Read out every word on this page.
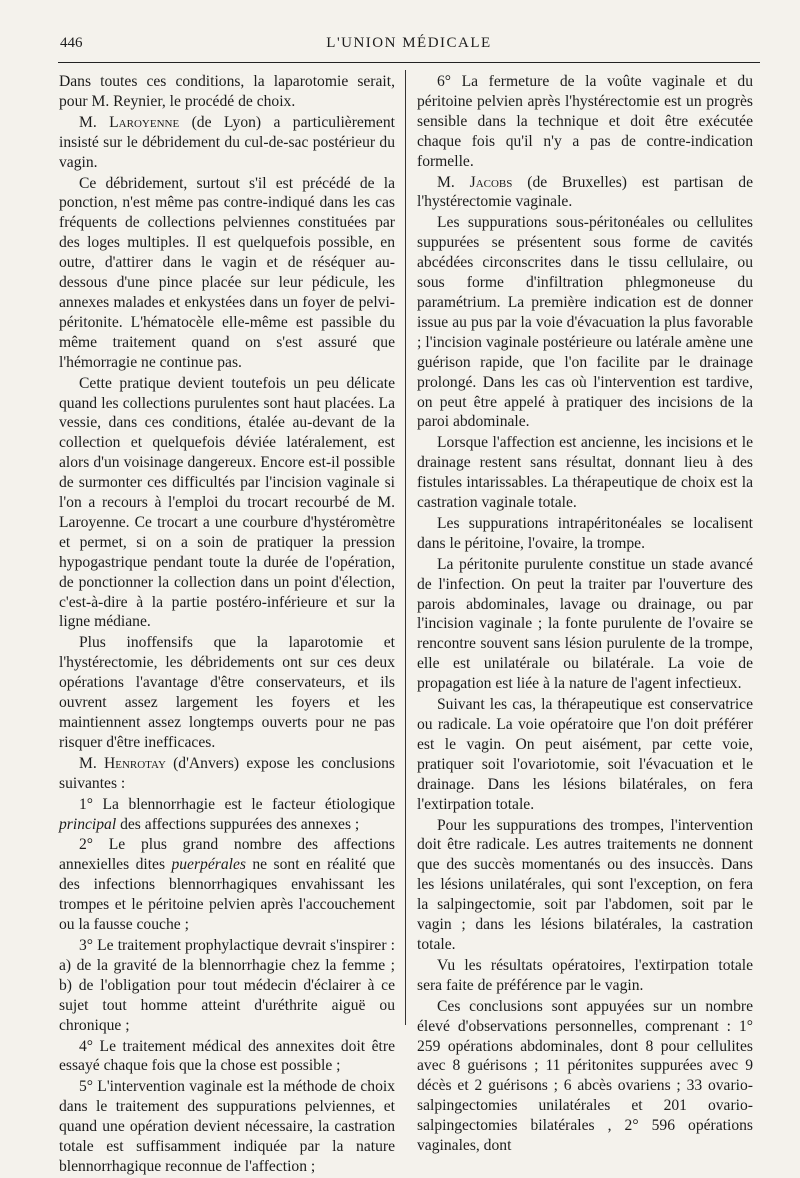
446	L'UNION MÉDICALE

Dans toutes ces conditions, la laparotomie serait, pour M. Reynier, le procédé de choix.

M. Laroyenne (de Lyon) a particulièrement insisté sur le débridement du cul-de-sac postérieur du vagin.

Ce débridement, surtout s'il est précédé de la ponction, n'est même pas contre-indiqué dans les cas fréquents de collections pelviennes constituées par des loges multiples. Il est quelquefois possible, en outre, d'attirer dans le vagin et de réséquer au-dessous d'une pince placée sur leur pédicule, les annexes malades et enkystées dans un foyer de pelvi-péritonite. L'hématocèle elle-même est passible du même traitement quand on s'est assuré que l'hémorragie ne continue pas.

Cette pratique devient toutefois un peu délicate quand les collections purulentes sont haut placées. La vessie, dans ces conditions, étalée au-devant de la collection et quelquefois déviée latéralement, est alors d'un voisinage dangereux. Encore est-il possible de surmonter ces difficultés par l'incision vaginale si l'on a recours à l'emploi du trocart recourbé de M. Laroyenne. Ce trocart a une courbure d'hystéromètre et permet, si on a soin de pratiquer la pression hypogastrique pendant toute la durée de l'opération, de ponctionner la collection dans un point d'élection, c'est-à-dire à la partie postéro-inférieure et sur la ligne médiane.

Plus inoffensifs que la laparotomie et l'hystérectomie, les débridements ont sur ces deux opérations l'avantage d'être conservateurs, et ils ouvrent assez largement les foyers et les maintiennent assez longtemps ouverts pour ne pas risquer d'être inefficaces.

M. Henrotay (d'Anvers) expose les conclusions suivantes :

1° La blennorrhagie est le facteur étiologique principal des affections suppurées des annexes ;

2° Le plus grand nombre des affections annexielles dites puerpérales ne sont en réalité que des infections blennorrhagiques envahissant les trompes et le péritoine pelvien après l'accouchement ou la fausse couche ;

3° Le traitement prophylactique devrait s'inspirer : a) de la gravité de la blennorrhagie chez la femme ; b) de l'obligation pour tout médecin d'éclairer à ce sujet tout homme atteint d'uréthrite aiguë ou chronique ;

4° Le traitement médical des annexites doit être essayé chaque fois que la chose est possible ;

5° L'intervention vaginale est la méthode de choix dans le traitement des suppurations pelviennes, et quand une opération devient nécessaire, la castration totale est suffisamment indiquée par la nature blennorrhagique reconnue de l'affection ;

6° La fermeture de la voûte vaginale et du péritoine pelvien après l'hystérectomie est un progrès sensible dans la technique et doit être exécutée chaque fois qu'il n'y a pas de contre-indication formelle.

M. Jacobs (de Bruxelles) est partisan de l'hystérectomie vaginale.

Les suppurations sous-péritonéales ou cellulites suppurées se présentent sous forme de cavités abcédées circonscrites dans le tissu cellulaire, ou sous forme d'infiltration phlegmoneuse du paramétrium. La première indication est de donner issue au pus par la voie d'évacuation la plus favorable ; l'incision vaginale postérieure ou latérale amène une guérison rapide, que l'on facilite par le drainage prolongé. Dans les cas où l'intervention est tardive, on peut être appelé à pratiquer des incisions de la paroi abdominale.

Lorsque l'affection est ancienne, les incisions et le drainage restent sans résultat, donnant lieu à des fistules intarissables. La thérapeutique de choix est la castration vaginale totale.

Les suppurations intrapéritonéales se localisent dans le péritoine, l'ovaire, la trompe.

La péritonite purulente constitue un stade avancé de l'infection. On peut la traiter par l'ouverture des parois abdominales, lavage ou drainage, ou par l'incision vaginale ; la fonte purulente de l'ovaire se rencontre souvent sans lésion purulente de la trompe, elle est unilatérale ou bilatérale. La voie de propagation est liée à la nature de l'agent infectieux.

Suivant les cas, la thérapeutique est conservatrice ou radicale. La voie opératoire que l'on doit préférer est le vagin. On peut aisément, par cette voie, pratiquer soit l'ovariotomie, soit l'évacuation et le drainage. Dans les lésions bilatérales, on fera l'extirpation totale.

Pour les suppurations des trompes, l'intervention doit être radicale. Les autres traitements ne donnent que des succès momentanés ou des insuccès. Dans les lésions unilatérales, qui sont l'exception, on fera la salpingectomie, soit par l'abdomen, soit par le vagin ; dans les lésions bilatérales, la castration totale.

Vu les résultats opératoires, l'extirpation totale sera faite de préférence par le vagin.

Ces conclusions sont appuyées sur un nombre élevé d'observations personnelles, comprenant : 1° 259 opérations abdominales, dont 8 pour cellulites avec 8 guérisons ; 11 péritonites suppurées avec 9 décès et 2 guérisons ; 6 abcès ovariens ; 33 ovario-salpingectomies unilatérales et 201 ovario-salpingectomies bilatérales , 2° 596 opérations vaginales, dont
